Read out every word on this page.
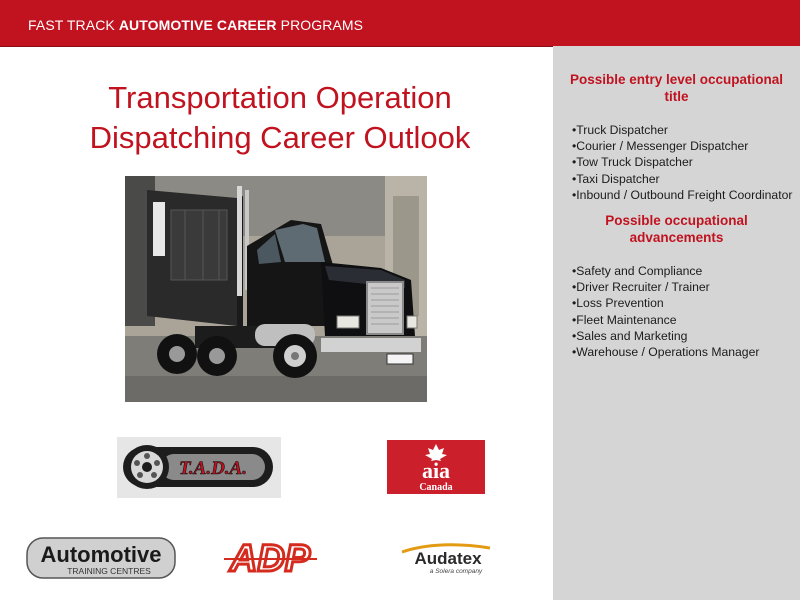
FAST TRACK AUTOMOTIVE CAREER PROGRAMS
Transportation Operation
Dispatching Career Outlook
Possible entry level occupational title
• Truck Dispatcher
• Courier / Messenger Dispatcher
• Tow Truck Dispatcher
• Taxi Dispatcher
• Inbound / Outbound Freight Coordinator
Possible occupational advancements
• Safety and Compliance
• Driver Recruiter / Trainer
• Loss Prevention
• Fleet Maintenance
• Sales and Marketing
• Warehouse / Operations Manager
T.A.D.A.	aia
Canada
Automotive
TRAINING CENTRES ADP	Audatex
a Solera company
